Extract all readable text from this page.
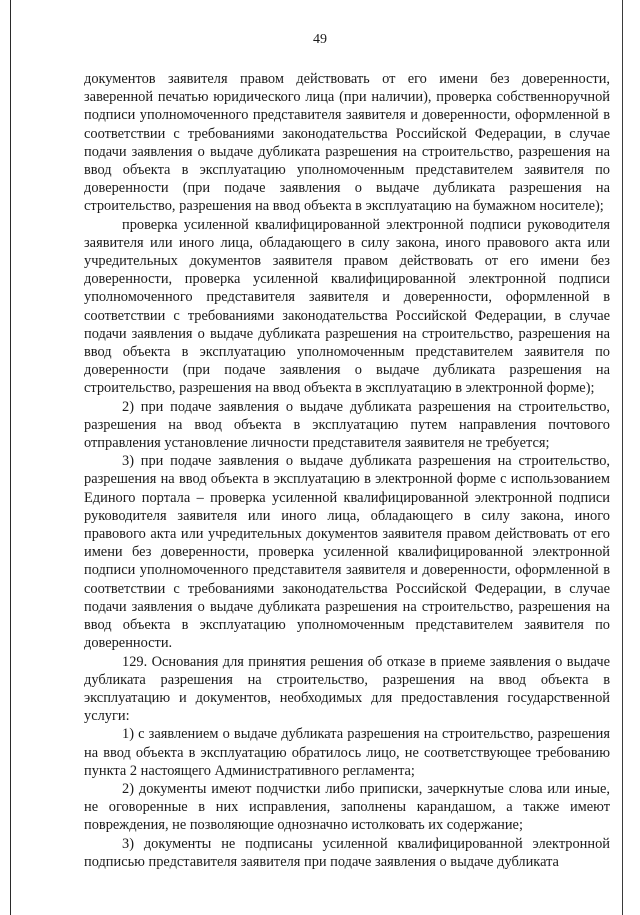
49

документов заявителя правом действовать от его имени без доверенности, заверенной печатью юридического лица (при наличии), проверка собственноручной подписи уполномоченного представителя заявителя и доверенности, оформленной в соответствии с требованиями законодательства Российской Федерации, в случае подачи заявления о выдаче дубликата разрешения на строительство, разрешения на ввод объекта в эксплуатацию уполномоченным представителем заявителя по доверенности (при подаче заявления о выдаче дубликата разрешения на строительство, разрешения на ввод объекта в эксплуатацию на бумажном носителе);

проверка усиленной квалифицированной электронной подписи руководителя заявителя или иного лица, обладающего в силу закона, иного правового акта или учредительных документов заявителя правом действовать от его имени без доверенности, проверка усиленной квалифицированной электронной подписи уполномоченного представителя заявителя и доверенности, оформленной в соответствии с требованиями законодательства Российской Федерации, в случае подачи заявления о выдаче дубликата разрешения на строительство, разрешения на ввод объекта в эксплуатацию уполномоченным представителем заявителя по доверенности (при подаче заявления о выдаче дубликата разрешения на строительство, разрешения на ввод объекта в эксплуатацию в электронной форме);

2) при подаче заявления о выдаче дубликата разрешения на строительство, разрешения на ввод объекта в эксплуатацию путем направления почтового отправления установление личности представителя заявителя не требуется;

3) при подаче заявления о выдаче дубликата разрешения на строительство, разрешения на ввод объекта в эксплуатацию в электронной форме с использованием Единого портала – проверка усиленной квалифицированной электронной подписи руководителя заявителя или иного лица, обладающего в силу закона, иного правового акта или учредительных документов заявителя правом действовать от его имени без доверенности, проверка усиленной квалифицированной электронной подписи уполномоченного представителя заявителя и доверенности, оформленной в соответствии с требованиями законодательства Российской Федерации, в случае подачи заявления о выдаче дубликата разрешения на строительство, разрешения на ввод объекта в эксплуатацию уполномоченным представителем заявителя по доверенности.

129. Основания для принятия решения об отказе в приеме заявления о выдаче дубликата разрешения на строительство, разрешения на ввод объекта в эксплуатацию и документов, необходимых для предоставления государственной услуги:

1) с заявлением о выдаче дубликата разрешения на строительство, разрешения на ввод объекта в эксплуатацию обратилось лицо, не соответствующее требованию пункта 2 настоящего Административного регламента;

2) документы имеют подчистки либо приписки, зачеркнутые слова или иные, не оговоренные в них исправления, заполнены карандашом, а также имеют повреждения, не позволяющие однозначно истолковать их содержание;

3) документы не подписаны усиленной квалифицированной электронной подписью представителя заявителя при подаче заявления о выдаче дубликата
